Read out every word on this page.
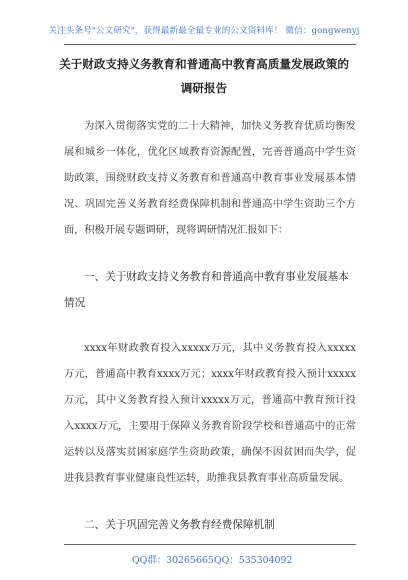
关注头条号"公文研究"，获得最新最全最专业的公文资料库！ 微信：gongwenyj
关于财政支持义务教育和普通高中教育高质量发展政策的
调研报告
为深入贯彻落实党的二十大精神，加快义务教育优质均衡发展和城乡一体化，优化区域教育资源配置，完善普通高中学生资助政策，围绕财政支持义务教育和普通高中教育事业发展基本情况、巩固完善义务教育经费保障机制和普通高中学生资助三个方面，积极开展专题调研，现将调研情况汇报如下：
一、关于财政支持义务教育和普通高中教育事业发展基本情况
xxxx年财政教育投入xxxxx万元，其中义务教育投入xxxxx万元，普通高中教育xxxx万元；xxxx年财政教育投入预计xxxxx万元，其中义务教育投入预计xxxxx万元，普通高中教育预计投入xxxx万元，主要用于保障义务教育阶段学校和普通高中的正常运转以及落实贫困家庭学生资助政策，确保不因贫困而失学，促进我县教育事业健康良性运转，助推我县教育事业高质量发展。
二、关于巩固完善义务教育经费保障机制
QQ群：30265665 QQ：535304092
